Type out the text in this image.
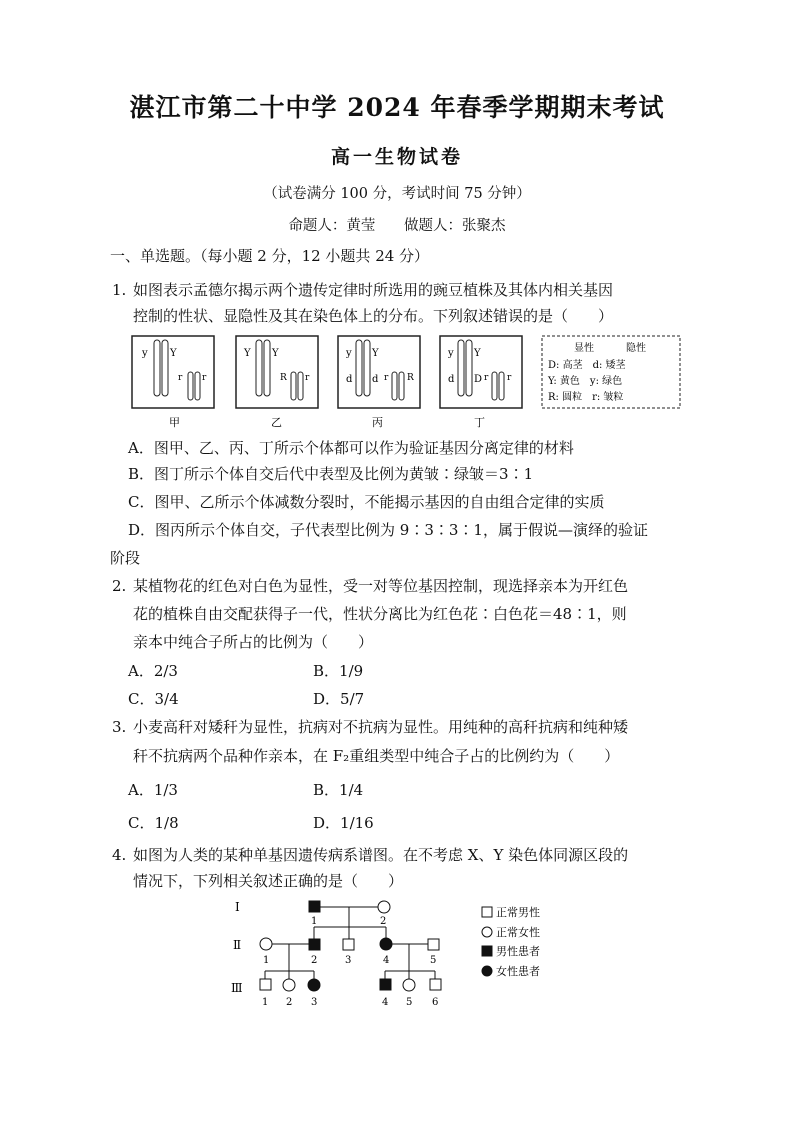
湛江市第二十中学 2024 年春季学期期末考试
高一生物试卷
（试卷满分 100 分，考试时间 75 分钟）
命题人：黄莹 做题人：张聚杰
一、单选题。（每小题 2 分，12 小题共 24 分）
1. 如图表示孟德尔揭示两个遗传定律时所选用的豌豆植株及其体内相关基因
控制的性状、显隐性及其在染色体上的分布。下列叙述错误的是（　　）
y Y
r r
甲
Y Y
R r
乙
y Y
d d r R
丙
y Y
d D r r
丁
显性	隐性
D: 高茎　d: 矮茎
Y: 黄色　y: 绿色
R: 圆粒　r: 皱粒
A．图甲、乙、丙、丁所示个体都可以作为验证基因分离定律的材料
B．图丁所示个体自交后代中表型及比例为黄皱∶绿皱＝3∶1
C．图甲、乙所示个体减数分裂时，不能揭示基因的自由组合定律的实质
D．图丙所示个体自交，子代表型比例为 9∶3∶3∶1，属于假说—演绎的验证
阶段
2. 某植物花的红色对白色为显性，受一对等位基因控制，现选择亲本为开红色
花的植株自由交配获得子一代，性状分离比为红色花∶白色花＝48∶1，则
亲本中纯合子所占的比例为（　　）
A．2/3	B．1/9
C．3/4	D．5/7
3. 小麦高秆对矮秆为显性，抗病对不抗病为显性。用纯种的高秆抗病和纯种矮
秆不抗病两个品种作亲本，在 F₂重组类型中纯合子占的比例约为（　　）
A．1/3	B．1/4
C．1/8	D．1/16
4. 如图为人类的某种单基因遗传病系谱图。在不考虑 X、Y 染色体同源区段的
情况下，下列相关叙述正确的是（　　）
Ⅰ
Ⅱ
Ⅲ
1	2
1	2	3	4	5
1 2 3	4 5 6
正常男性
正常女性
男性患者
女性患者
